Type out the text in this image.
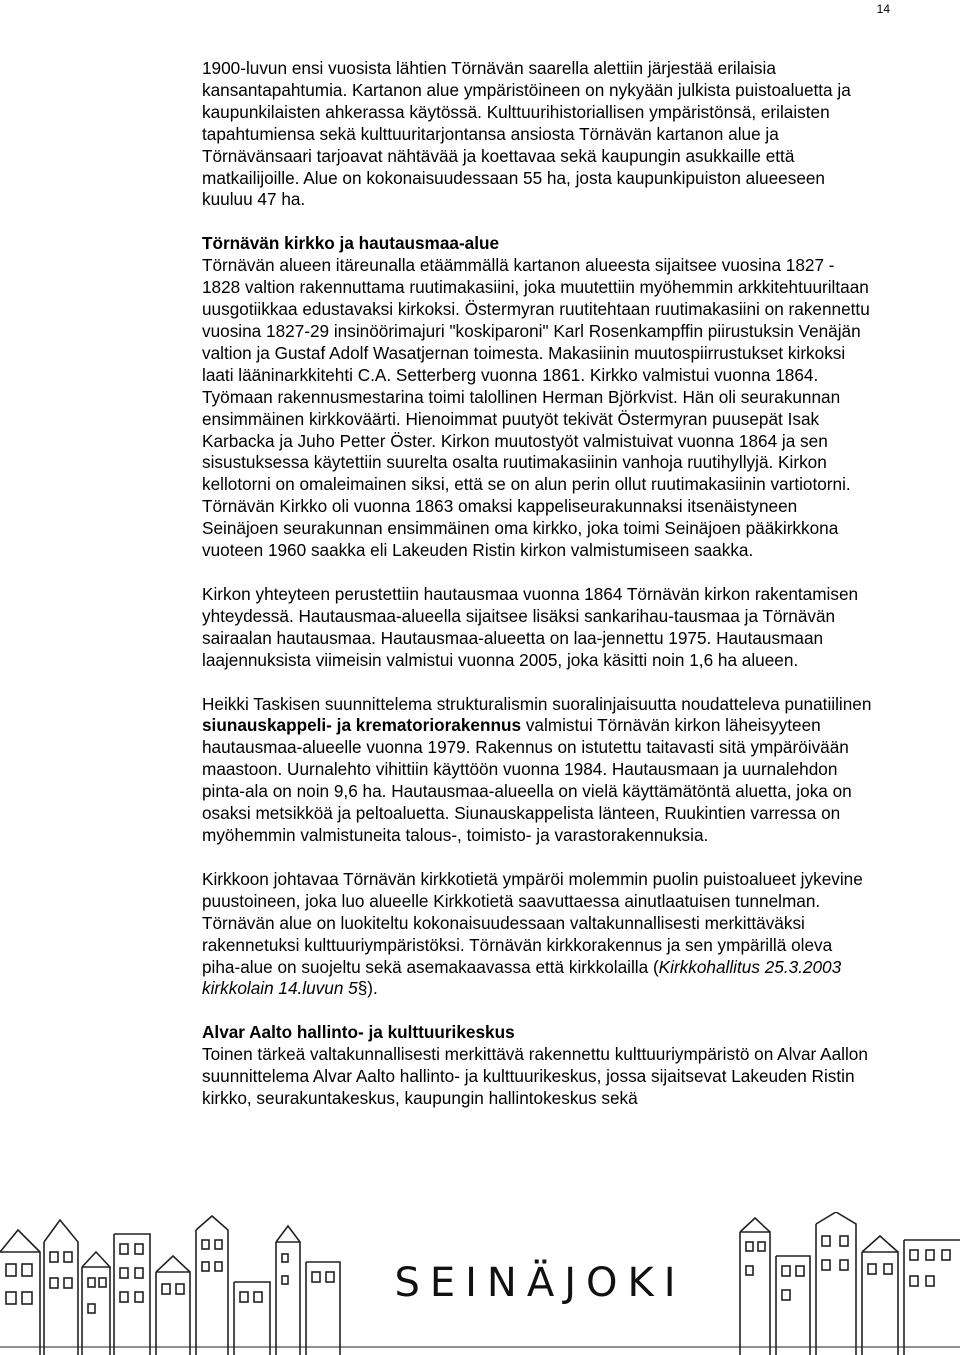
14

1900-luvun ensi vuosista lähtien Törnävän saarella alettiin järjestää erilaisia kansantapahtumia. Kartanon alue ympäristöineen on nykyään julkista puistoaluetta ja kaupunkilaisten ahkerassa käytössä. Kulttuurihistoriallisen ympäristönsä, erilaisten tapahtumiensa sekä kulttuuritarjontansa ansiosta Törnävän kartanon alue ja Törnävänsaari tarjoavat nähtävää ja koettavaa sekä kaupungin asukkaille että matkailijoille. Alue on kokonaisuudessaan 55 ha, josta kaupunkipuiston alueeseen kuuluu 47 ha.

Törnävän kirkko ja hautausmaa-alue

Törnävän alueen itäreunalla etäämmällä kartanon alueesta sijaitsee vuosina 1827 - 1828 valtion rakennuttama ruutimakasiini, joka muutettiin myöhemmin arkkitehtuuriltaan uusgotiikkaa edustavaksi kirkoksi. Östermyran ruutitehtaan ruutimakasiini on rakennettu vuosina 1827-29 insinöörimajuri "koskiparoni" Karl Rosenkampffin piirustuksin Venäjän valtion ja Gustaf Adolf Wasatjernan toimesta. Makasiinin muutospiirrustukset kirkoksi laati lääninarkkitehti C.A. Setterberg vuonna 1861. Kirkko valmistui vuonna 1864. Työmaan rakennusmestarina toimi talollinen Herman Björkvist. Hän oli seurakunnan ensimmäinen kirkkoväärti. Hienoimmat puutyöt tekivät Östermyran puusepät Isak Karbacka ja Juho Petter Öster. Kirkon muutostyöt valmistuivat vuonna 1864 ja sen sisustuksessa käytettiin suurelta osalta ruutimakasiinin vanhoja ruutihyllyjä. Kirkon kellotorni on omaleimainen siksi, että se on alun perin ollut ruutimakasiinin vartiotorni. Törnävän Kirkko oli vuonna 1863 omaksi kappeliseurakunnaksi itsenäistyneen Seinäjoen seurakunnan ensimmäinen oma kirkko, joka toimi Seinäjoen pääkirkkona vuoteen 1960 saakka eli Lakeuden Ristin kirkon valmistumiseen saakka.

Kirkon yhteyteen perustettiin hautausmaa vuonna 1864 Törnävän kirkon rakentamisen yhteydessä. Hautausmaa-alueella sijaitsee lisäksi sankarihau-tausmaa ja Törnävän sairaalan hautausmaa. Hautausmaa-alueetta on laa-jennettu 1975. Hautausmaan laajennuksista viimeisin valmistui vuonna 2005, joka käsitti noin 1,6 ha alueen.

Heikki Taskisen suunnittelema strukturalismin suoralinjaisuutta noudatteleva punatiilinen siunauskappeli- ja krematoriorakennus valmistui Törnävän kirkon läheisyyteen hautausmaa-alueelle vuonna 1979. Rakennus on istutettu taitavasti sitä ympäröivään maastoon. Uurnalehto vihittiin käyttöön vuonna 1984. Hautausmaan ja uurnalehdon pinta-ala on noin 9,6 ha. Hautausmaa-alueella on vielä käyttämätöntä aluetta, joka on osaksi metsikköä ja peltoaluetta. Siunauskappelista länteen, Ruukintien varressa on myöhemmin valmistuneita talous-, toimisto- ja varastorakennuksia.

Kirkkoon johtavaa Törnävän kirkkotietä ympäröi molemmin puolin puistoalueet jykevine puustoineen, joka luo alueelle Kirkkotietä saavuttaessa ainutlaatuisen tunnelman. Törnävän alue on luokiteltu kokonaisuudessaan valtakunnallisesti merkittäväksi rakennetuksi kulttuuriympäristöksi. Törnävän kirkkorakennus ja sen ympärillä oleva piha-alue on suojeltu sekä asemakaavassa että kirkkolailla (Kirkkohallitus 25.3.2003 kirkkolain 14.luvun 5§).

Alvar Aalto hallinto- ja kulttuurikeskus

Toinen tärkeä valtakunnallisesti merkittävä rakennettu kulttuuriympäristö on Alvar Aallon suunnittelema Alvar Aalto hallinto- ja kulttuurikeskus, jossa sijaitsevat Lakeuden Ristin kirkko, seurakuntakeskus, kaupungin hallintokeskus sekä

SEINÄJOKI
